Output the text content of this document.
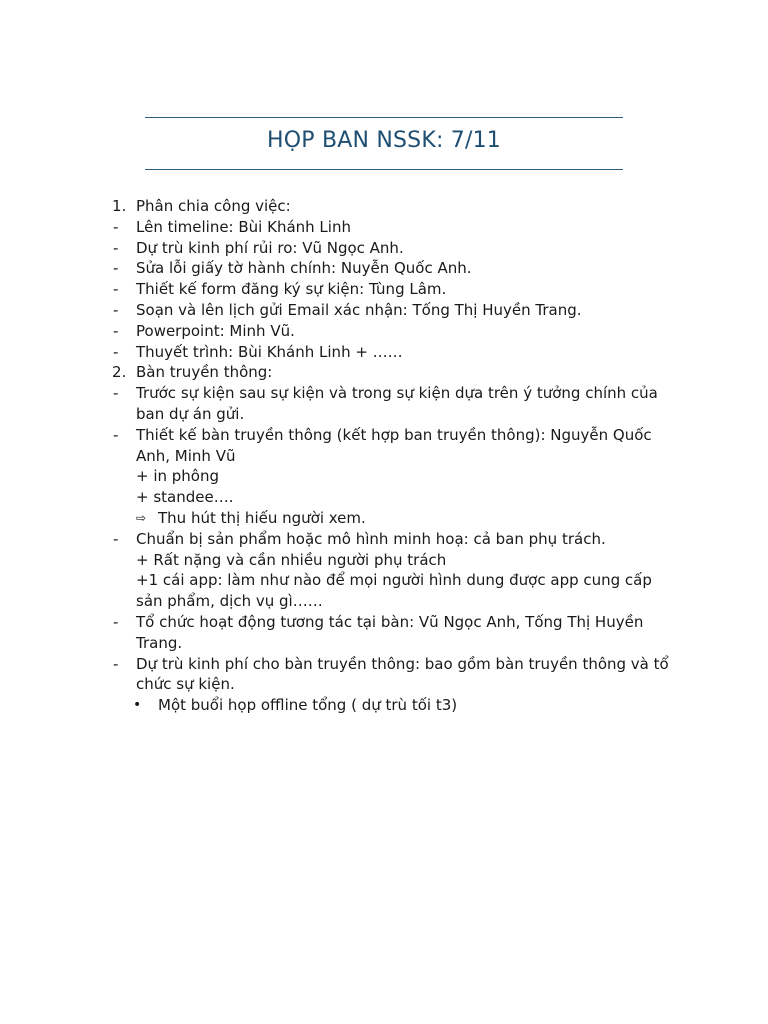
HỌP BAN NSSK: 7/11
1. Phân chia công việc:
- Lên timeline: Bùi Khánh Linh
- Dự trù kinh phí rủi ro: Vũ Ngọc Anh.
- Sửa lỗi giấy tờ hành chính: Nuyễn Quốc Anh.
- Thiết kế form đăng ký sự kiện: Tùng Lâm.
- Soạn và lên lịch gửi Email xác nhận: Tống Thị Huyền Trang.
- Powerpoint: Minh Vũ.
- Thuyết trình: Bùi Khánh Linh + ……
2. Bàn truyền thông:
- Trước sự kiện sau sự kiện và trong sự kiện dựa trên ý tưởng chính của
ban dự án gửi.
- Thiết kế bàn truyền thông (kết hợp ban truyền thông): Nguyễn Quốc
Anh, Minh Vũ
+ in phông
+ standee….
⇨ Thu hút thị hiếu người xem.
- Chuẩn bị sản phẩm hoặc mô hình minh hoạ: cả ban phụ trách.
+ Rất nặng và cần nhiều người phụ trách
+1 cái app: làm như nào để mọi người hình dung được app cung cấp
sản phẩm, dịch vụ gì……
- Tổ chức hoạt động tương tác tại bàn: Vũ Ngọc Anh, Tống Thị Huyền
Trang.
- Dự trù kinh phí cho bàn truyền thông: bao gồm bàn truyền thông và tổ
chức sự kiện.
• Một buổi họp offline tổng ( dự trù tối t3)
